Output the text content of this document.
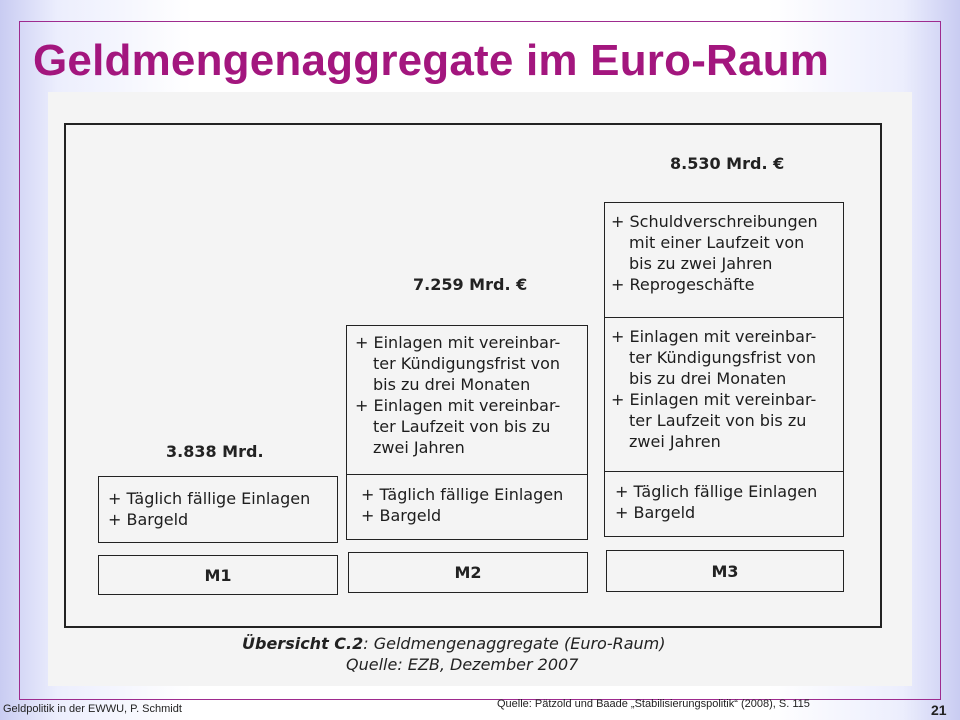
Geldmengenaggregate im Euro-Raum
3.838 Mrd.
+ Täglich fällige Einlagen
+ Bargeld
M1
7.259 Mrd. €
+ Einlagen mit vereinbar-
ter Kündigungsfrist von
bis zu drei Monaten
+ Einlagen mit vereinbar-
ter Laufzeit von bis zu
zwei Jahren
+ Täglich fällige Einlagen
+ Bargeld
M2
8.530 Mrd. €
+ Schuldverschreibungen
mit einer Laufzeit von
bis zu zwei Jahren
+ Reprogeschäfte
+ Einlagen mit vereinbar-
ter Kündigungsfrist von
bis zu drei Monaten
+ Einlagen mit vereinbar-
ter Laufzeit von bis zu
zwei Jahren
+ Täglich fällige Einlagen
+ Bargeld
M3
Übersicht C.2: Geldmengenaggregate (Euro-Raum)
Quelle: EZB, Dezember 2007
Geldpolitik in der EWWU, P. Schmidt	Quelle: Pätzold und Baade „Stabilisierungspolitik“ (2008), S. 115	21
